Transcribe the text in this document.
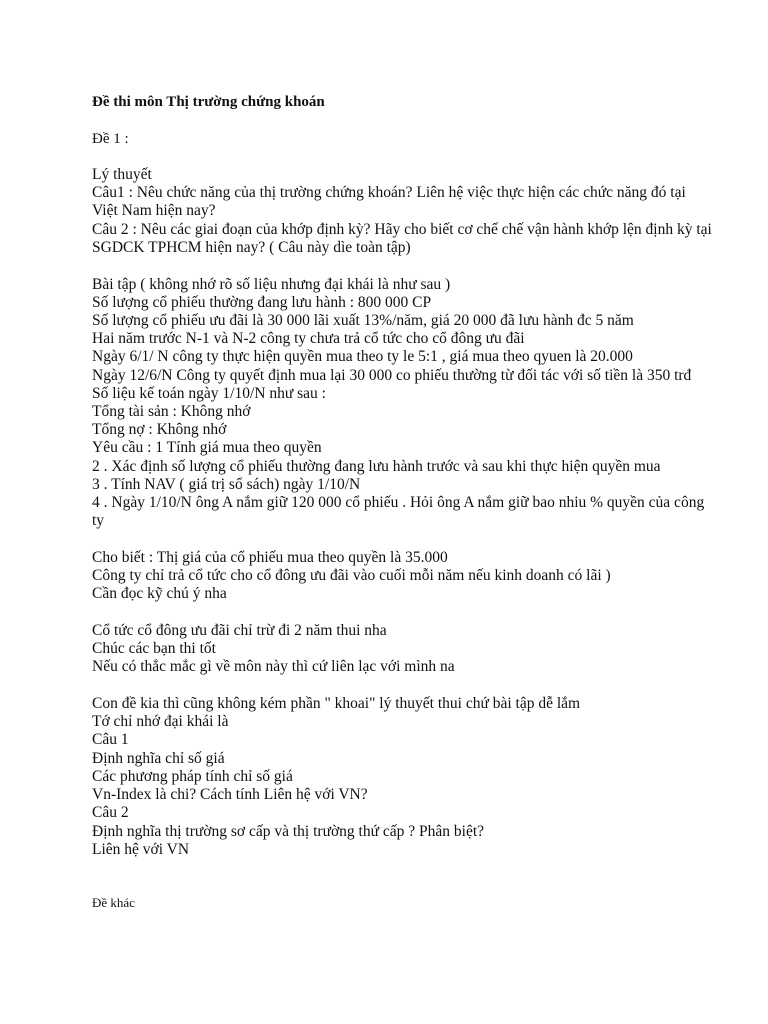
Đề thi môn Thị trường chứng khoán

Đề 1 :

Lý thuyết

Câu1 : Nêu chức năng của thị trường chứng khoán? Liên hệ việc thực hiện các chức năng đó tại Việt Nam hiện nay?

Câu 2 : Nêu các giai đoạn của khớp định kỳ? Hãy cho biết cơ chế chế vận hành khớp lện định kỳ tại SGDCK TPHCM hiện nay? ( Câu này dìe toàn tập)

Bài tập ( không nhớ rõ số liệu nhưng đại khái là như sau )

Số lượng cổ phiếu thường đang lưu hành : 800 000 CP

Số lượng cổ phiếu ưu đãi là 30 000 lãi xuất 13%/năm, giá 20 000 đã lưu hành đc 5 năm

Hai năm trước N-1 và N-2 công ty chưa trả cổ tức cho cổ đông ưu đãi

Ngày 6/1/ N công ty thực hiện quyền mua theo ty le 5:1 , giá mua theo qyuen là 20.000

Ngày 12/6/N Công ty quyết định mua lại 30 000 co phiếu thường từ đối tác với số tiền là 350 trđ

Số liệu kế toán ngày 1/10/N như sau :

Tổng tài sản : Không nhớ

Tổng nợ : Không nhớ

Yêu cầu : 1 Tính giá mua theo quyền

2 . Xác định số lượng cổ phiếu thường đang lưu hành trước và sau khi thực hiện quyền mua

3 . Tính NAV ( giá trị sổ sách) ngày 1/10/N

4 . Ngày 1/10/N ông A nắm giữ 120 000 cổ phiếu . Hỏi ông A nắm giữ bao nhiu % quyền của công ty

Cho biết : Thị giá của cổ phiếu mua theo quyền là 35.000

Công ty chỉ trả cổ tức cho cổ đông ưu đãi vào cuối mỗi năm nếu kinh doanh có lãi )

Cần đọc kỹ chú ý nha

Cổ tức cổ đông ưu đãi chỉ trừ đi 2 năm thui nha

Chúc các bạn thi tốt

Nếu có thắc mắc gì về môn này thì cứ liên lạc với mình na

Con đề kia thì cũng không kém phần " khoai" lý thuyết thui chứ bài tập dễ lắm

Tớ chỉ nhớ đại khái là

Câu 1

Định nghĩa chỉ số giá

Các phương pháp tính chỉ số giá

Vn-Index là chi? Cách tính Liên hệ với VN?

Câu 2

Định nghĩa thị trường sơ cấp và thị trường thứ cấp ? Phân biệt?

Liên hệ với VN

Đề khác
